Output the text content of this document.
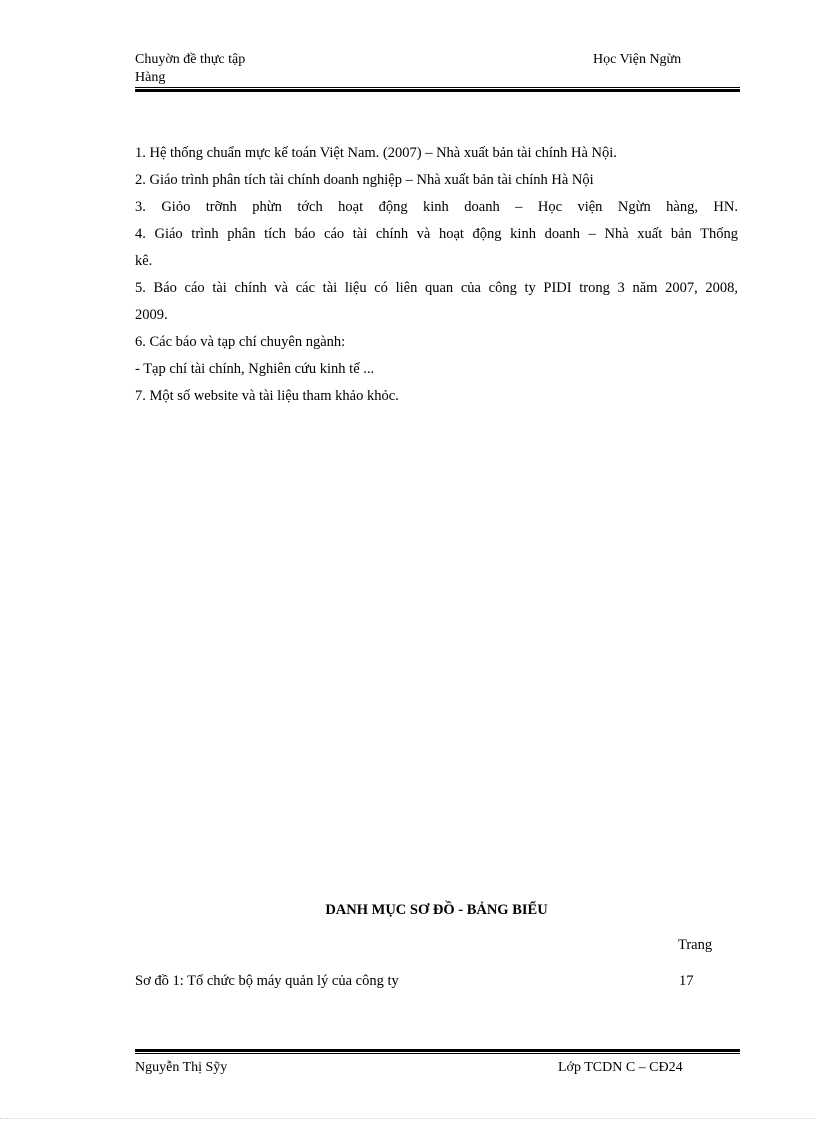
Chuyờn đề thực tập
Hàng
Học Viện Ngừn
1. Hệ thống chuẩn mực kế toán Việt Nam. (2007) – Nhà xuất bản tài chính Hà Nội.
2. Giáo trình phân tích tài chính doanh nghiệp – Nhà xuất bản tài chính Hà Nội
3. Giỏo trỡnh phừn tớch hoạt động kinh doanh – Học viện Ngừn hàng, HN.
4. Giáo trình phân tích báo cáo tài chính và hoạt động kinh doanh – Nhà xuất bản Thống
kê.
5. Báo cáo tài chính và các tài liệu có liên quan của công ty PIDI trong 3 năm 2007, 2008,
2009.
6. Các báo và tạp chí chuyên ngành:
- Tạp chí tài chính, Nghiên cứu kinh tế ...
7. Một số website và tài liệu tham khảo khỏc.
DANH MỤC SƠ ĐỒ - BẢNG BIỂU
Trang
Sơ đồ 1: Tổ chức bộ máy quản lý của công ty	17
Nguyễn Thị Sỹy	Lớp TCDN C – CĐ24
